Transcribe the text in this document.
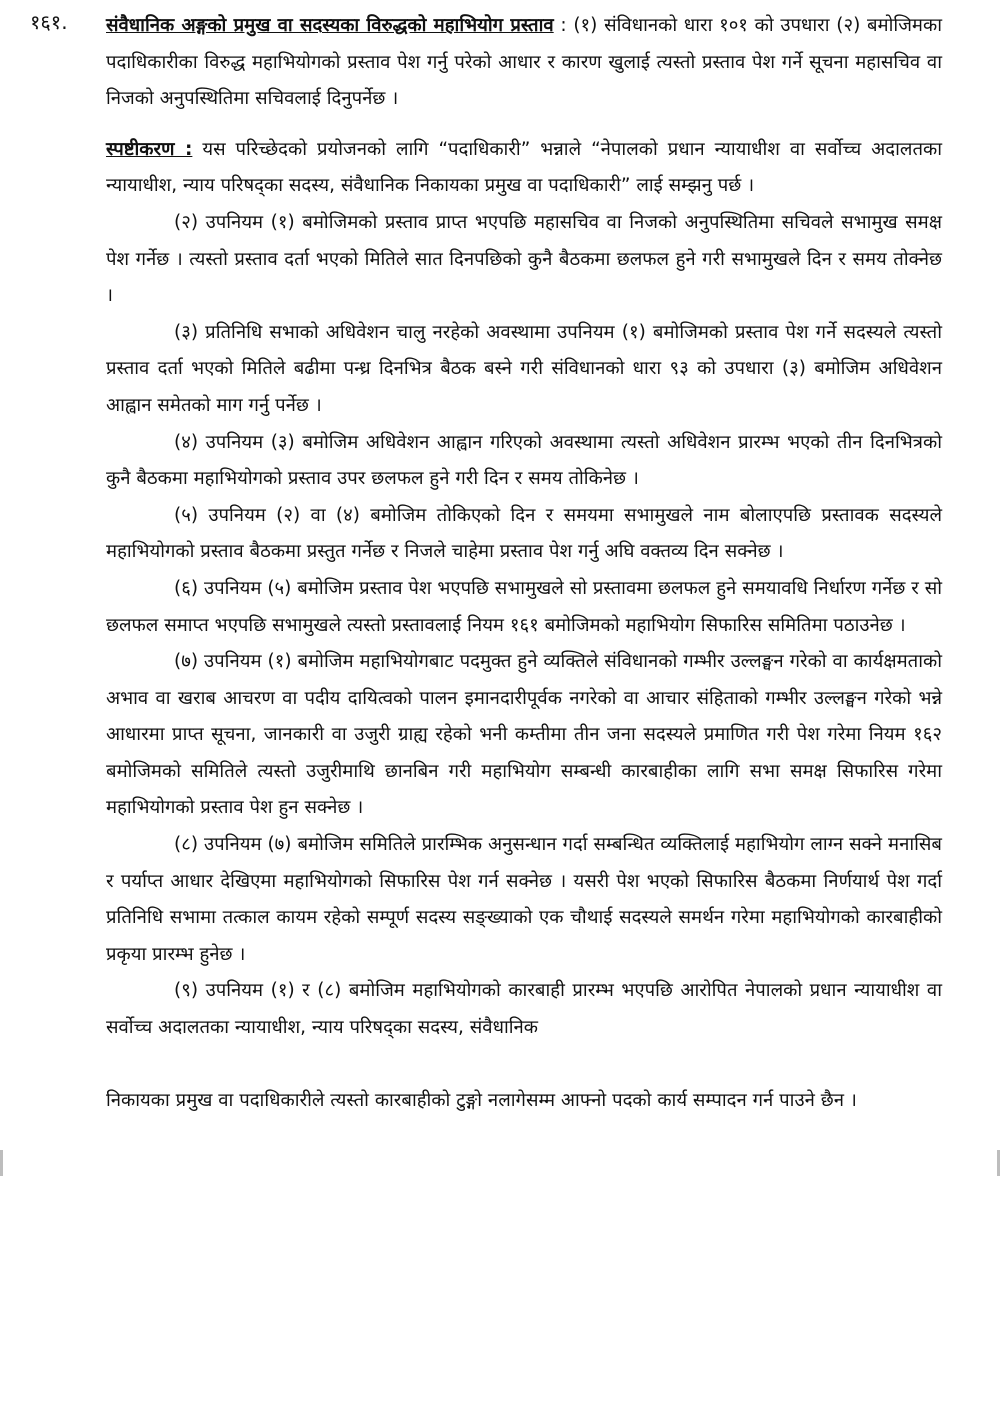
१६१. संवैधानिक अङ्गको प्रमुख वा सदस्यका विरुद्धको महाभियोग प्रस्ताव : (१) संविधानको धारा १०१ को उपधारा (२) बमोजिमका पदाधिकारीका विरुद्ध महाभियोगको प्रस्ताव पेश गर्नु परेको आधार र कारण खुलाई त्यस्तो प्रस्ताव पेश गर्ने सूचना महासचिव वा निजको अनुपस्थितिमा सचिवलाई दिनुपर्नेछ ।

स्पष्टीकरण : यस परिच्छेदको प्रयोजनको लागि “पदाधिकारी” भन्नाले “नेपालको प्रधान न्यायाधीश वा सर्वोच्च अदालतका न्यायाधीश, न्याय परिषद्का सदस्य, संवैधानिक निकायका प्रमुख वा पदाधिकारी” लाई सम्झनु पर्छ ।

(२) उपनियम (१) बमोजिमको प्रस्ताव प्राप्त भएपछि महासचिव वा निजको अनुपस्थितिमा सचिवले सभामुख समक्ष पेश गर्नेछ । त्यस्तो प्रस्ताव दर्ता भएको मितिले सात दिनपछिको कुनै बैठकमा छलफल हुने गरी सभामुखले दिन र समय तोक्नेछ ।

(३) प्रतिनिधि सभाको अधिवेशन चालु नरहेको अवस्थामा उपनियम (१) बमोजिमको प्रस्ताव पेश गर्ने सदस्यले त्यस्तो प्रस्ताव दर्ता भएको मितिले बढीमा पन्ध्र दिनभित्र बैठक बस्ने गरी संविधानको धारा ९३ को उपधारा (३) बमोजिम अधिवेशन आह्वान समेतको माग गर्नु पर्नेछ ।

(४) उपनियम (३) बमोजिम अधिवेशन आह्वान गरिएको अवस्थामा त्यस्तो अधिवेशन प्रारम्भ भएको तीन दिनभित्रको कुनै बैठकमा महाभियोगको प्रस्ताव उपर छलफल हुने गरी दिन र समय तोकिनेछ ।

(५) उपनियम (२) वा (४) बमोजिम तोकिएको दिन र समयमा सभामुखले नाम बोलाएपछि प्रस्तावक सदस्यले महाभियोगको प्रस्ताव बैठकमा प्रस्तुत गर्नेछ र निजले चाहेमा प्रस्ताव पेश गर्नु अघि वक्तव्य दिन सक्नेछ ।

(६) उपनियम (५) बमोजिम प्रस्ताव पेश भएपछि सभामुखले सो प्रस्तावमा छलफल हुने समयावधि निर्धारण गर्नेछ र सो छलफल समाप्त भएपछि सभामुखले त्यस्तो प्रस्तावलाई नियम १६१ बमोजिमको महाभियोग सिफारिस समितिमा पठाउनेछ ।

(७) उपनियम (१) बमोजिम महाभियोगबाट पदमुक्त हुने व्यक्तिले संविधानको गम्भीर उल्लङ्घन गरेको वा कार्यक्षमताको अभाव वा खराब आचरण वा पदीय दायित्वको पालन इमानदारीपूर्वक नगरेको वा आचार संहिताको गम्भीर उल्लङ्घन गरेको भन्ने आधारमा प्राप्त सूचना, जानकारी वा उजुरी ग्राह्य रहेको भनी कम्तीमा तीन जना सदस्यले प्रमाणित गरी पेश गरेमा नियम १६२ बमोजिमको समितिले त्यस्तो उजुरीमाथि छानबिन गरी महाभियोग सम्बन्धी कारबाहीका लागि सभा समक्ष सिफारिस गरेमा महाभियोगको प्रस्ताव पेश हुन सक्नेछ ।

(८) उपनियम (७) बमोजिम समितिले प्रारम्भिक अनुसन्धान गर्दा सम्बन्धित व्यक्तिलाई महाभियोग लाग्न सक्ने मनासिब र पर्याप्त आधार देखिएमा महाभियोगको सिफारिस पेश गर्न सक्नेछ । यसरी पेश भएको सिफारिस बैठकमा निर्णयार्थ पेश गर्दा प्रतिनिधि सभामा तत्काल कायम रहेको सम्पूर्ण सदस्य सङ्ख्याको एक चौथाई सदस्यले समर्थन गरेमा महाभियोगको कारबाहीको प्रकृया प्रारम्भ हुनेछ ।

(९) उपनियम (१) र (८) बमोजिम महाभियोगको कारबाही प्रारम्भ भएपछि आरोपित नेपालको प्रधान न्यायाधीश वा सर्वोच्च अदालतका न्यायाधीश, न्याय परिषद्का सदस्य, संवैधानिक

निकायका प्रमुख वा पदाधिकारीले त्यस्तो कारबाहीको टुङ्गो नलागेसम्म आफ्नो पदको कार्य सम्पादन गर्न पाउने छैन ।
